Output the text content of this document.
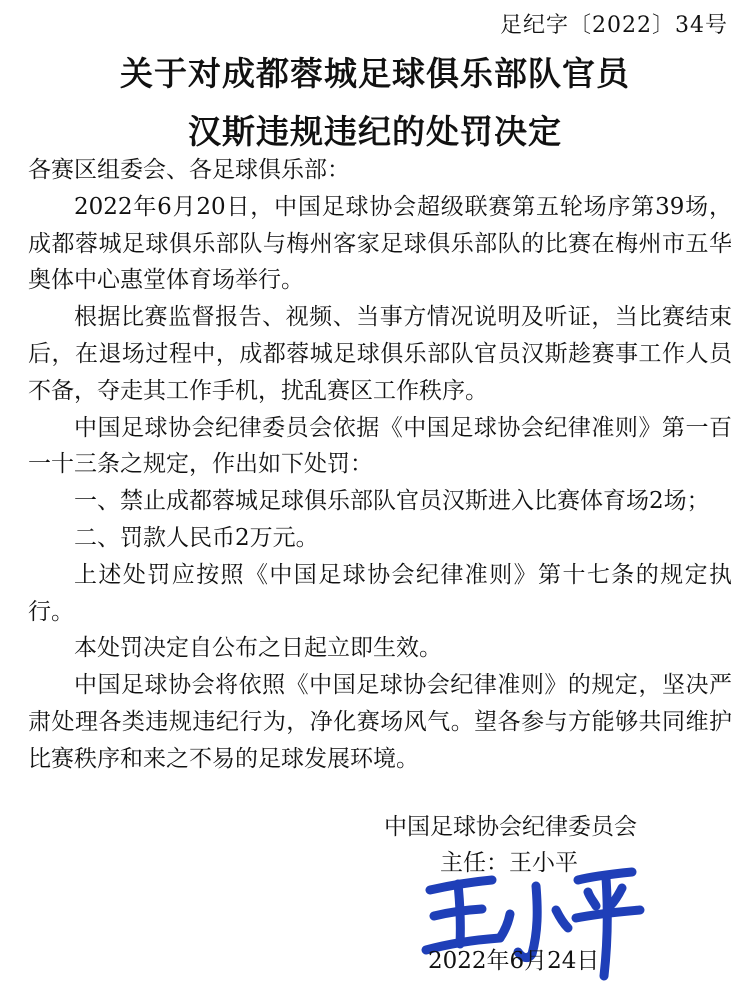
足纪字〔2022〕34号
关于对成都蓉城足球俱乐部队官员
汉斯违规违纪的处罚决定

各赛区组委会、各足球俱乐部：

2022年6月20日，中国足球协会超级联赛第五轮场序第39场，成都蓉城足球俱乐部队与梅州客家足球俱乐部队的比赛在梅州市五华奥体中心惠堂体育场举行。

根据比赛监督报告、视频、当事方情况说明及听证，当比赛结束后，在退场过程中，成都蓉城足球俱乐部队官员汉斯趁赛事工作人员不备，夺走其工作手机，扰乱赛区工作秩序。

中国足球协会纪律委员会依据《中国足球协会纪律准则》第一百一十三条之规定，作出如下处罚：

一、禁止成都蓉城足球俱乐部队官员汉斯进入比赛体育场2场；

二、罚款人民币2万元。

上述处罚应按照《中国足球协会纪律准则》第十七条的规定执行。

本处罚决定自公布之日起立即生效。

中国足球协会将依照《中国足球协会纪律准则》的规定，坚决严肃处理各类违规违纪行为，净化赛场风气。望各参与方能够共同维护比赛秩序和来之不易的足球发展环境。

中国足球协会纪律委员会
主任：王小平
2022年6月24日
